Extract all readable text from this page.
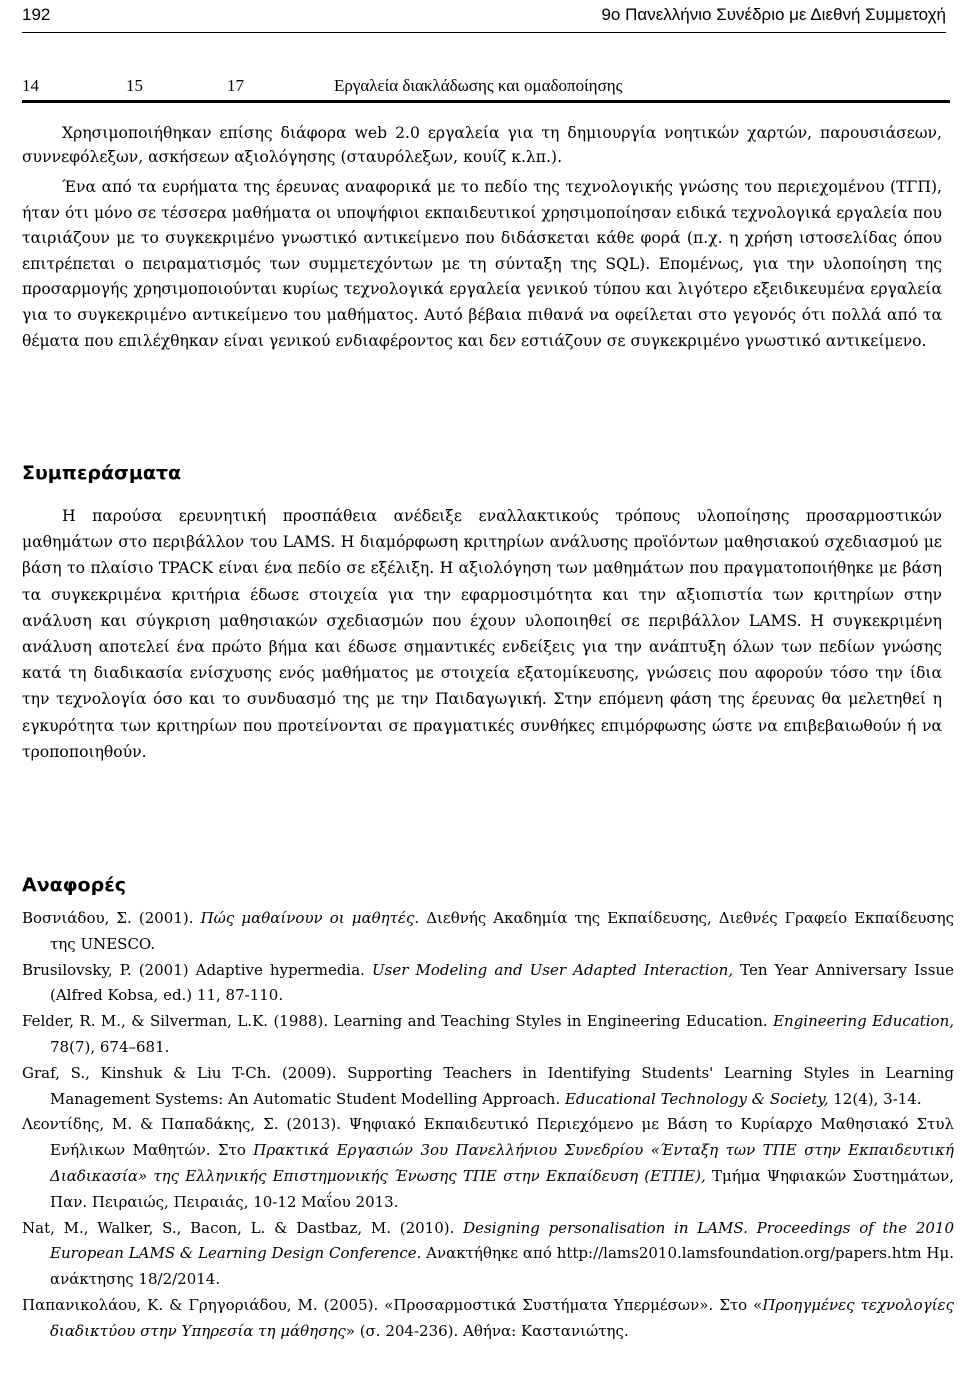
192	9ο Πανελλήνιο Συνέδριο με Διεθνή Συμμετοχή
14	15	17	Εργαλεία διακλάδωσης και ομαδοποίησης

Χρησιμοποιήθηκαν επίσης διάφορα web 2.0 εργαλεία για τη δημιουργία νοητικών χαρτών, παρουσιάσεων, συννεφόλεξων, ασκήσεων αξιολόγησης (σταυρόλεξων, κουίζ κ.λπ.).

Ένα από τα ευρήματα της έρευνας αναφορικά με το πεδίο της τεχνολογικής γνώσης του περιεχομένου (ΤΓΠ), ήταν ότι μόνο σε τέσσερα μαθήματα οι υποψήφιοι εκπαιδευτικοί χρησιμοποίησαν ειδικά τεχνολογικά εργαλεία που ταιριάζουν με το συγκεκριμένο γνωστικό αντικείμενο που διδάσκεται κάθε φορά (π.χ. η χρήση ιστοσελίδας όπου επιτρέπεται ο πειραματισμός των συμμετεχόντων με τη σύνταξη της SQL). Επομένως, για την υλοποίηση της προσαρμογής χρησιμοποιούνται κυρίως τεχνολογικά εργαλεία γενικού τύπου και λιγότερο εξειδικευμένα εργαλεία για το συγκεκριμένο αντικείμενο του μαθήματος. Αυτό βέβαια πιθανά να οφείλεται στο γεγονός ότι πολλά από τα θέματα που επιλέχθηκαν είναι γενικού ενδιαφέροντος και δεν εστιάζουν σε συγκεκριμένο γνωστικό αντικείμενο.

Συμπεράσματα

Η παρούσα ερευνητική προσπάθεια ανέδειξε εναλλακτικούς τρόπους υλοποίησης προσαρμοστικών μαθημάτων στο περιβάλλον του LAMS. Η διαμόρφωση κριτηρίων ανάλυσης προϊόντων μαθησιακού σχεδιασμού με βάση το πλαίσιο TPACK είναι ένα πεδίο σε εξέλιξη. Η αξιολόγηση των μαθημάτων που πραγματοποιήθηκε με βάση τα συγκεκριμένα κριτήρια έδωσε στοιχεία για την εφαρμοσιμότητα και την αξιοπιστία των κριτηρίων στην ανάλυση και σύγκριση μαθησιακών σχεδιασμών που έχουν υλοποιηθεί σε περιβάλλον LAMS. Η συγκεκριμένη ανάλυση αποτελεί ένα πρώτο βήμα και έδωσε σημαντικές ενδείξεις για την ανάπτυξη όλων των πεδίων γνώσης κατά τη διαδικασία ενίσχυσης ενός μαθήματος με στοιχεία εξατομίκευσης, γνώσεις που αφορούν τόσο την ίδια την τεχνολογία όσο και το συνδυασμό της με την Παιδαγωγική. Στην επόμενη φάση της έρευνας θα μελετηθεί η εγκυρότητα των κριτηρίων που προτείνονται σε πραγματικές συνθήκες επιμόρφωσης ώστε να επιβεβαιωθούν ή να τροποποιηθούν.

Αναφορές
Βοσνιάδου, Σ. (2001). Πώς μαθαίνουν οι μαθητές. Διεθνής Ακαδημία της Εκπαίδευσης, Διεθνές Γραφείο Εκπαίδευσης της UNESCO.
Brusilovsky, P. (2001) Adaptive hypermedia. User Modeling and User Adapted Interaction, Ten Year Anniversary Issue (Alfred Kobsa, ed.) 11, 87-110.
Felder, R. M., & Silverman, L.K. (1988). Learning and Teaching Styles in Engineering Education. Engineering Education, 78(7), 674–681.
Graf, S., Kinshuk & Liu T-Ch. (2009). Supporting Teachers in Identifying Students' Learning Styles in Learning Management Systems: An Automatic Student Modelling Approach. Educational Technology & Society, 12(4), 3-14.
Λεοντίδης, Μ. & Παπαδάκης, Σ. (2013). Ψηφιακό Εκπαιδευτικό Περιεχόμενο με Βάση το Κυρίαρχο Μαθησιακό Στυλ Ενήλικων Μαθητών. Στο Πρακτικά Εργασιών 3ου Πανελλήνιου Συνεδρίου «Ένταξη των ΤΠΕ στην Εκπαιδευτική Διαδικασία» της Ελληνικής Επιστημονικής Ένωσης ΤΠΕ στην Εκπαίδευση (ΕΤΠΕ), Τμήμα Ψηφιακών Συστημάτων, Παν. Πειραιώς, Πειραιάς, 10-12 Μαΐου 2013.
Nat, M., Walker, S., Bacon, L. & Dastbaz, M. (2010). Designing personalisation in LAMS. Proceedings of the 2010 European LAMS & Learning Design Conference. Ανακτήθηκε από http://lams2010.lamsfoundation.org/papers.htm Ημ. ανάκτησης 18/2/2014.
Παπανικολάου, Κ. & Γρηγοριάδου, Μ. (2005). «Προσαρμοστικά Συστήματα Υπερμέσων». Στο «Προηγμένες τεχνολογίες διαδικτύου στην Υπηρεσία τη μάθησης» (σ. 204-236). Αθήνα: Καστανιώτης.
